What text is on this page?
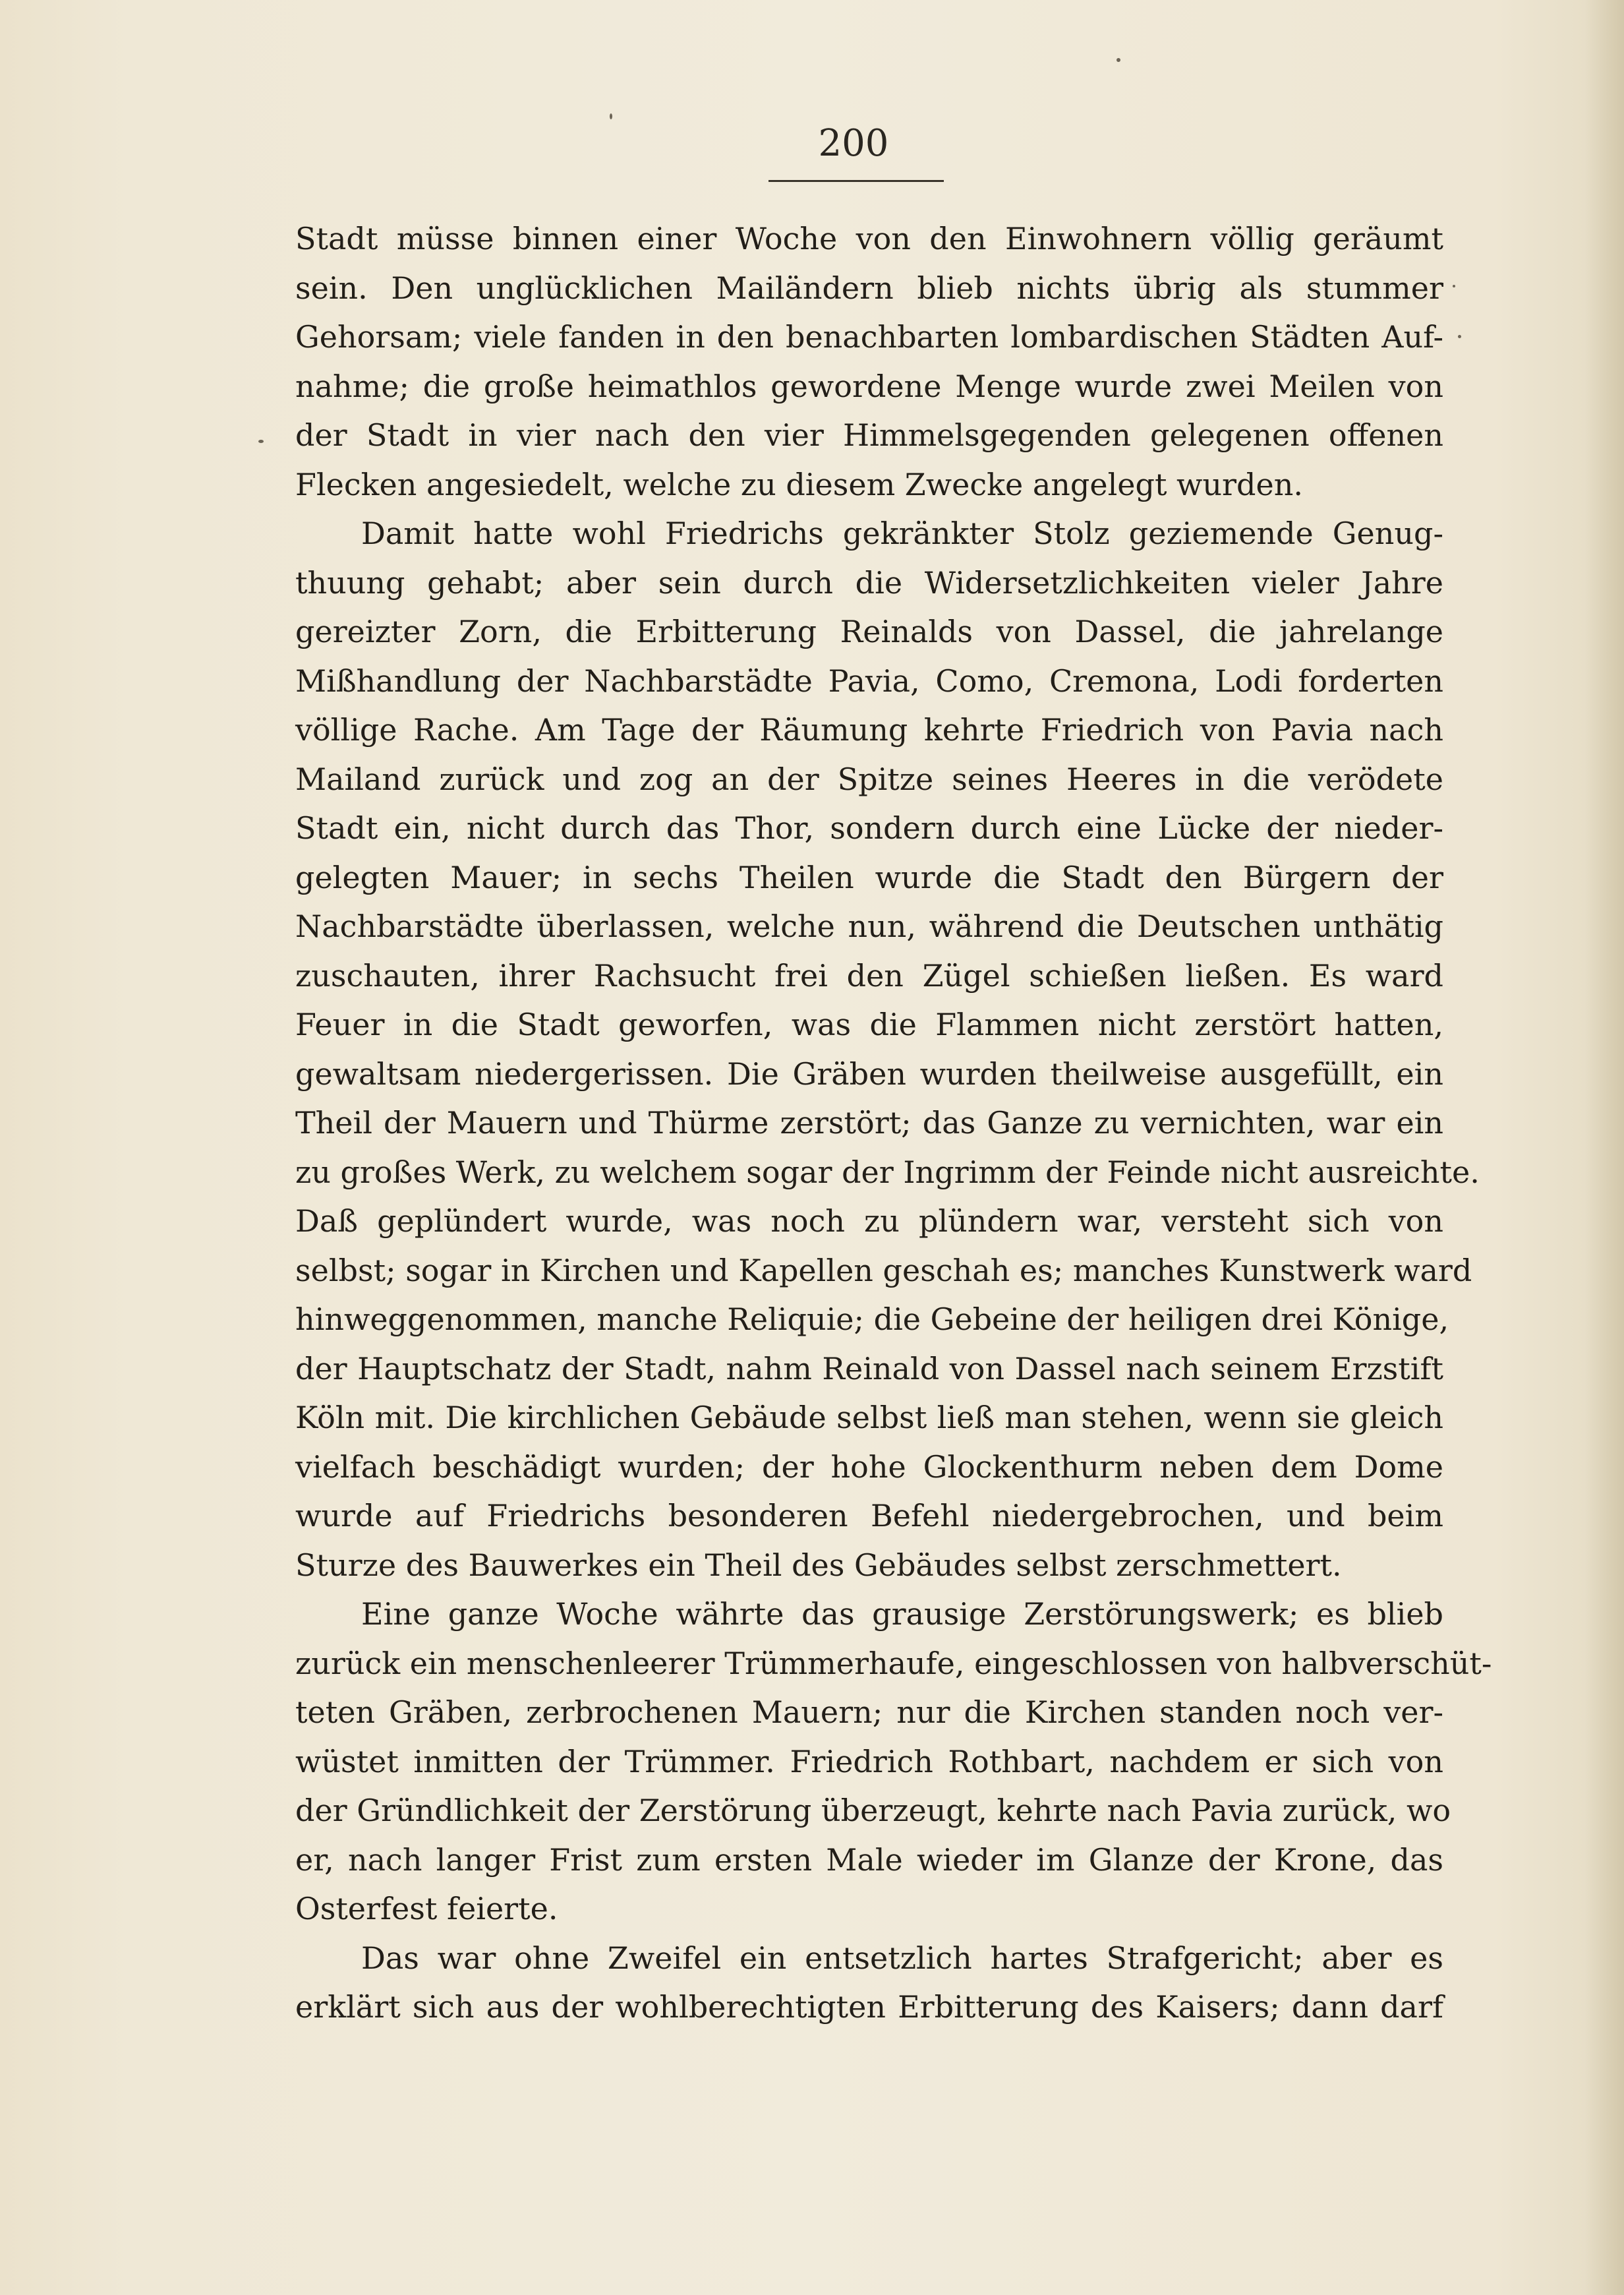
200

Stadt müsse binnen einer Woche von den Einwohnern völlig geräumt
sein. Den unglücklichen Mailändern blieb nichts übrig als stummer
Gehorsam; viele fanden in den benachbarten lombardischen Städten Auf-
nahme; die große heimathlos gewordene Menge wurde zwei Meilen von
der Stadt in vier nach den vier Himmelsgegenden gelegenen offenen
Flecken angesiedelt, welche zu diesem Zwecke angelegt wurden.

Damit hatte wohl Friedrichs gekränkter Stolz geziemende Genug-
thuung gehabt; aber sein durch die Widersetzlichkeiten vieler Jahre
gereizter Zorn, die Erbitterung Reinalds von Dassel, die jahrelange
Mißhandlung der Nachbarstädte Pavia, Como, Cremona, Lodi forderten
völlige Rache. Am Tage der Räumung kehrte Friedrich von Pavia nach
Mailand zurück und zog an der Spitze seines Heeres in die verödete
Stadt ein, nicht durch das Thor, sondern durch eine Lücke der nieder-
gelegten Mauer; in sechs Theilen wurde die Stadt den Bürgern der
Nachbarstädte überlassen, welche nun, während die Deutschen unthätig
zuschauten, ihrer Rachsucht frei den Zügel schießen ließen. Es ward
Feuer in die Stadt geworfen, was die Flammen nicht zerstört hatten,
gewaltsam niedergerissen. Die Gräben wurden theilweise ausgefüllt, ein
Theil der Mauern und Thürme zerstört; das Ganze zu vernichten, war ein
zu großes Werk, zu welchem sogar der Ingrimm der Feinde nicht ausreichte.
Daß geplündert wurde, was noch zu plündern war, versteht sich von
selbst; sogar in Kirchen und Kapellen geschah es; manches Kunstwerk ward
hinweggenommen, manche Reliquie; die Gebeine der heiligen drei Könige,
der Hauptschatz der Stadt, nahm Reinald von Dassel nach seinem Erzstift
Köln mit. Die kirchlichen Gebäude selbst ließ man stehen, wenn sie gleich
vielfach beschädigt wurden; der hohe Glockenthurm neben dem Dome
wurde auf Friedrichs besonderen Befehl niedergebrochen, und beim
Sturze des Bauwerkes ein Theil des Gebäudes selbst zerschmettert.

Eine ganze Woche währte das grausige Zerstörungswerk; es blieb
zurück ein menschenleerer Trümmerhaufe, eingeschlossen von halbverschüt-
teten Gräben, zerbrochenen Mauern; nur die Kirchen standen noch ver-
wüstet inmitten der Trümmer. Friedrich Rothbart, nachdem er sich von
der Gründlichkeit der Zerstörung überzeugt, kehrte nach Pavia zurück, wo
er, nach langer Frist zum ersten Male wieder im Glanze der Krone, das
Osterfest feierte.

Das war ohne Zweifel ein entsetzlich hartes Strafgericht; aber es
erklärt sich aus der wohlberechtigten Erbitterung des Kaisers; dann darf
